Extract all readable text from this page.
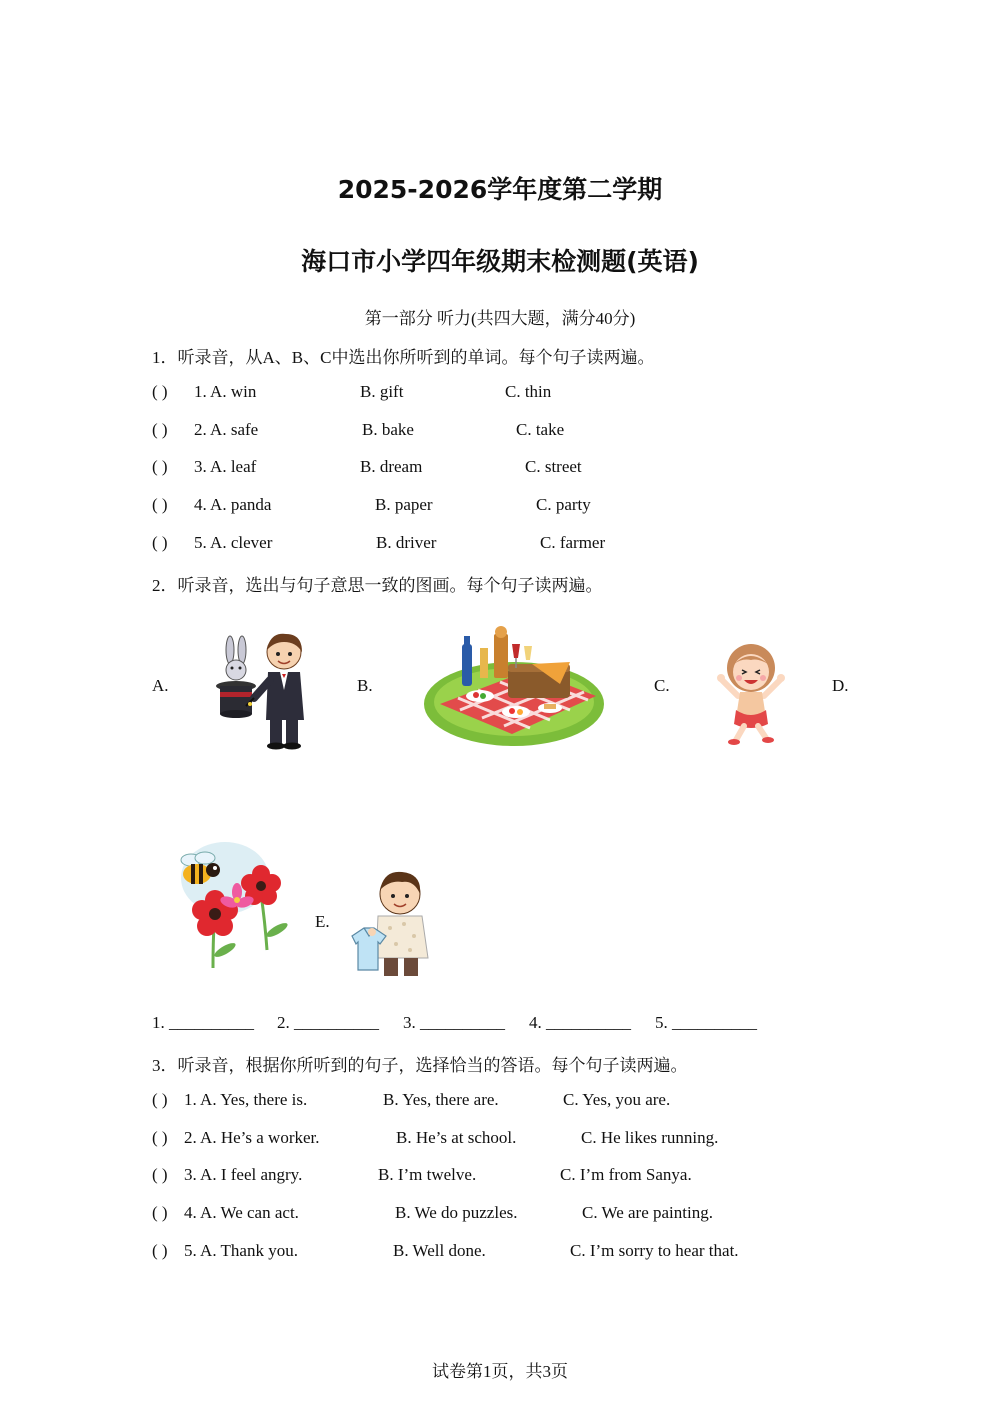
2025-2026学年度第二学期
海口市小学四年级期末检测题(英语)
第一部分 听力(共四大题，满分40分)
1．听录音，从A、B、C中选出你所听到的单词。每个句子读两遍。
( ) 1. A. win	B. gift	C. thin
( ) 2. A. safe	B. bake	C. take
( ) 3. A. leaf	B. dream	C. street
( ) 4. A. panda	B. paper	C. party
( ) 5. A. clever	B. driver	C. farmer
2．听录音，选出与句子意思一致的图画。每个句子读两遍。
A.	B.	C.	D.
E.
1. __________ 2. __________ 3. __________ 4. __________ 5. __________
3．听录音，根据你所听到的句子，选择恰当的答语。每个句子读两遍。
( ) 1. A. Yes, there is.	B. Yes, there are.	C. Yes, you are.
( ) 2. A. He’s a worker.	B. He’s at school.	C. He likes running.
( ) 3. A. I feel angry.	B. I’m twelve.	C. I’m from Sanya.
( ) 4. A. We can act.	B. We do puzzles.	C. We are painting.
( ) 5. A. Thank you.	B. Well done.	C. I’m sorry to hear that.
试卷第1页，共3页
